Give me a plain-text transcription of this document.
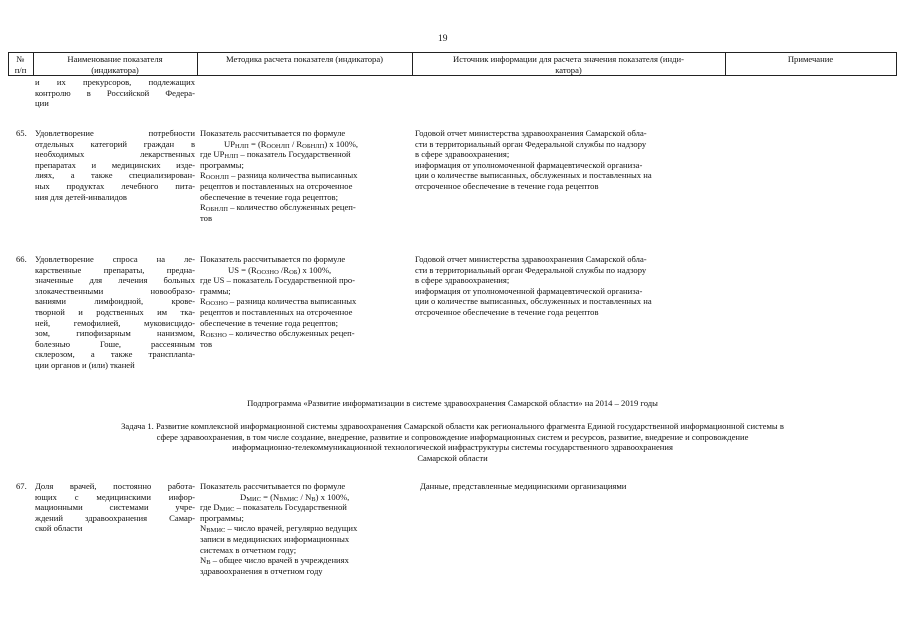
19
№
п/п
Наименование показателя
(индикатора)
Методика расчета показателя (индикатора)	Источник информации для расчета значения показателя (инди-
катора)
Примечание
и их прекурсоров, подлежащих
контролю в Российской Федера-
ции
65. Удовлетворение потребности
отдельных категорий граждан в
необходимых лекарственных
препаратах и медицинских изде-
лиях, а также специализирован-
ных продуктах лечебного пита-
ния для детей-инвалидов
Показатель рассчитывается по формуле
$UP_{НЛП} = (R_{ООНЛП} / R_{ОБНЛП})$ x 100%,
где $UP_{НЛП}$ – показатель Государственной
программы;
$R_{ООНЛП}$ – разница количества выписанных
рецептов и поставленных на отсроченное
обеспечение в течение года рецептов;
$R_{ОБНЛП}$ – количество обслуженных рецеп-
тов
Годовой отчет министерства здравоохранения Самарской обла-
сти в территориальный орган Федеральной службы по надзору
в сфере здравоохранения;
информация от уполномоченной фармацевтической организа-
ции о количестве выписанных, обслуженных и поставленных на
отсроченное обеспечение в течение года рецептов
66. Удовлетворение спроса на ле-
карственные препараты, предна-
значенные для лечения больных
злокачественными новообразо-
ваниями лимфоидной, крове-
творной и родственных им тка-
ней, гемофилией, муковисцидо-
зом, гипофизарным нанизмом,
болезнью Гоше, рассеянным
склерозом, а также трансплanta-
ции органов и (или) тканей
Показатель рассчитывается по формуле
US = ($R_{ООЗНО}$ $/R_{ОБ}$) x 100%,
где US – показатель Государственной про-
граммы;
$R_{ООЗНО}$ – разница количества выписанных
рецептов и поставленных на отсроченное
обеспечение в течение года рецептов;
$R_{ОБЗНО}$ – количество обслуженных рецеп-
тов
Годовой отчет министерства здравоохранения Самарской обла-
сти в территориальный орган Федеральной службы по надзору
в сфере здравоохранения;
информация от уполномоченной фармацевтической организа-
ции о количестве выписанных, обслуженных и поставленных на
отсроченное обеспечение в течение года рецептов
Подпрограмма «Развитие информатизации в системе здравоохранения Самарской области» на 2014 – 2019 годы
Задача 1. Развитие комплексной информационной системы здравоохранения Самарской области как регионального фрагмента Единой государственной информационной системы в
сфере здравоохранения, в том числе создание, внедрение, развитие и сопровождение информационных систем и ресурсов, развитие, внедрение и сопровождение
информационно-телекоммуникационной технологической инфраструктуры системы государственного здравоохранения
Самарской области
67. Доля врачей, постоянно работа-
ющих с медицинскими инфор-
мационными системами учре-
ждений здравоохранения Самар-
ской области
Показатель рассчитывается по формуле
$D_{МИС} = (N_{ВМИС} / N_В)$ x 100%,
где $D_{МИС}$ – показатель Государственной
программы;
$N_{ВМИС}$ – число врачей, регулярно ведущих
записи в медицинских информационных
системах в отчетном году;
$N_В$ – общее число врачей в учреждениях
здравоохранения в отчетном году
Данные, представленные медицинскими организациями
